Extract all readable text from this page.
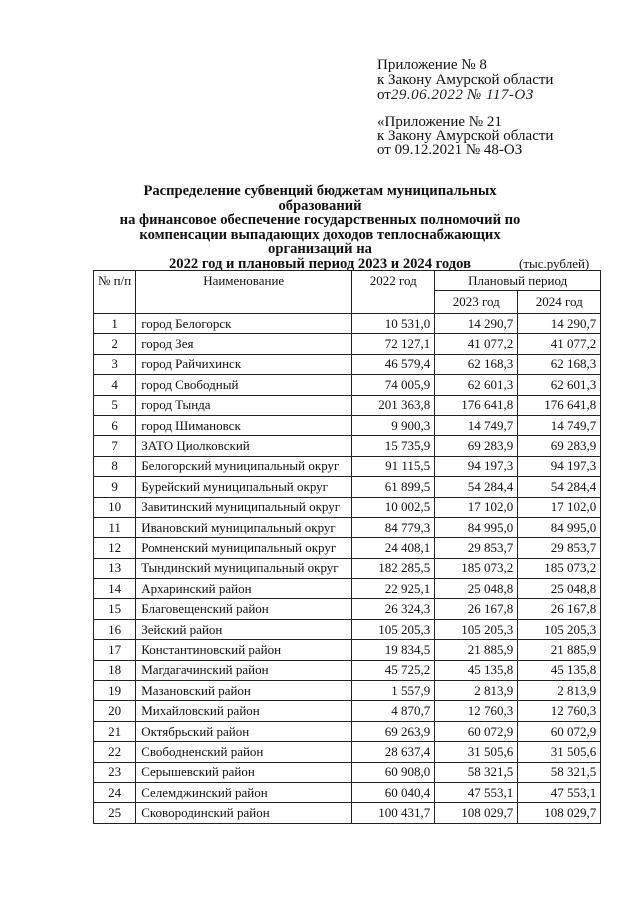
Приложение № 8
к Закону Амурской области
от29.06.2022 № 117-ОЗ
«Приложение № 21
к Закону Амурской области
от 09.12.2021 № 48-ОЗ
Распределение субвенций бюджетам муниципальных образований
на финансовое обеспечение государственных полномочий по
компенсации выпадающих доходов теплоснабжающих организаций на
2022 год и плановый период 2023 и 2024 годов	(тыс.рублей)
№ п/п	Наименование	2022 год	Плановый период	
			2023 год	2024 год
1	город Белогорск	10 531,0	14 290,7	14 290,7
2	город Зея	72 127,1	41 077,2	41 077,2
3	город Райчихинск	46 579,4	62 168,3	62 168,3
4	город Свободный	74 005,9	62 601,3	62 601,3
5	город Тында	201 363,8	176 641,8	176 641,8
6	город Шимановск	9 900,3	14 749,7	14 749,7
7	ЗАТО Циолковский	15 735,9	69 283,9	69 283,9
8	Белогорский муниципальный округ	91 115,5	94 197,3	94 197,3
9	Бурейский муниципальный округ	61 899,5	54 284,4	54 284,4
10	Завитинский муниципальный округ	10 002,5	17 102,0	17 102,0
11	Ивановский муниципальный округ	84 779,3	84 995,0	84 995,0
12	Ромненский муниципальный округ	24 408,1	29 853,7	29 853,7
13	Тындинский муниципальный округ	182 285,5	185 073,2	185 073,2
14	Архаринский район	22 925,1	25 048,8	25 048,8
15	Благовещенский район	26 324,3	26 167,8	26 167,8
16	Зейский район	105 205,3	105 205,3	105 205,3
17	Константиновский район	19 834,5	21 885,9	21 885,9
18	Магдагачинский район	45 725,2	45 135,8	45 135,8
19	Мазановский район	1 557,9	2 813,9	2 813,9
20	Михайловский район	4 870,7	12 760,3	12 760,3
21	Октябрьский район	69 263,9	60 072,9	60 072,9
22	Свободненский район	28 637,4	31 505,6	31 505,6
23	Серышевский район	60 908,0	58 321,5	58 321,5
24	Селемджинский район	60 040,4	47 553,1	47 553,1
25	Сковородинский район	100 431,7	108 029,7	108 029,7
